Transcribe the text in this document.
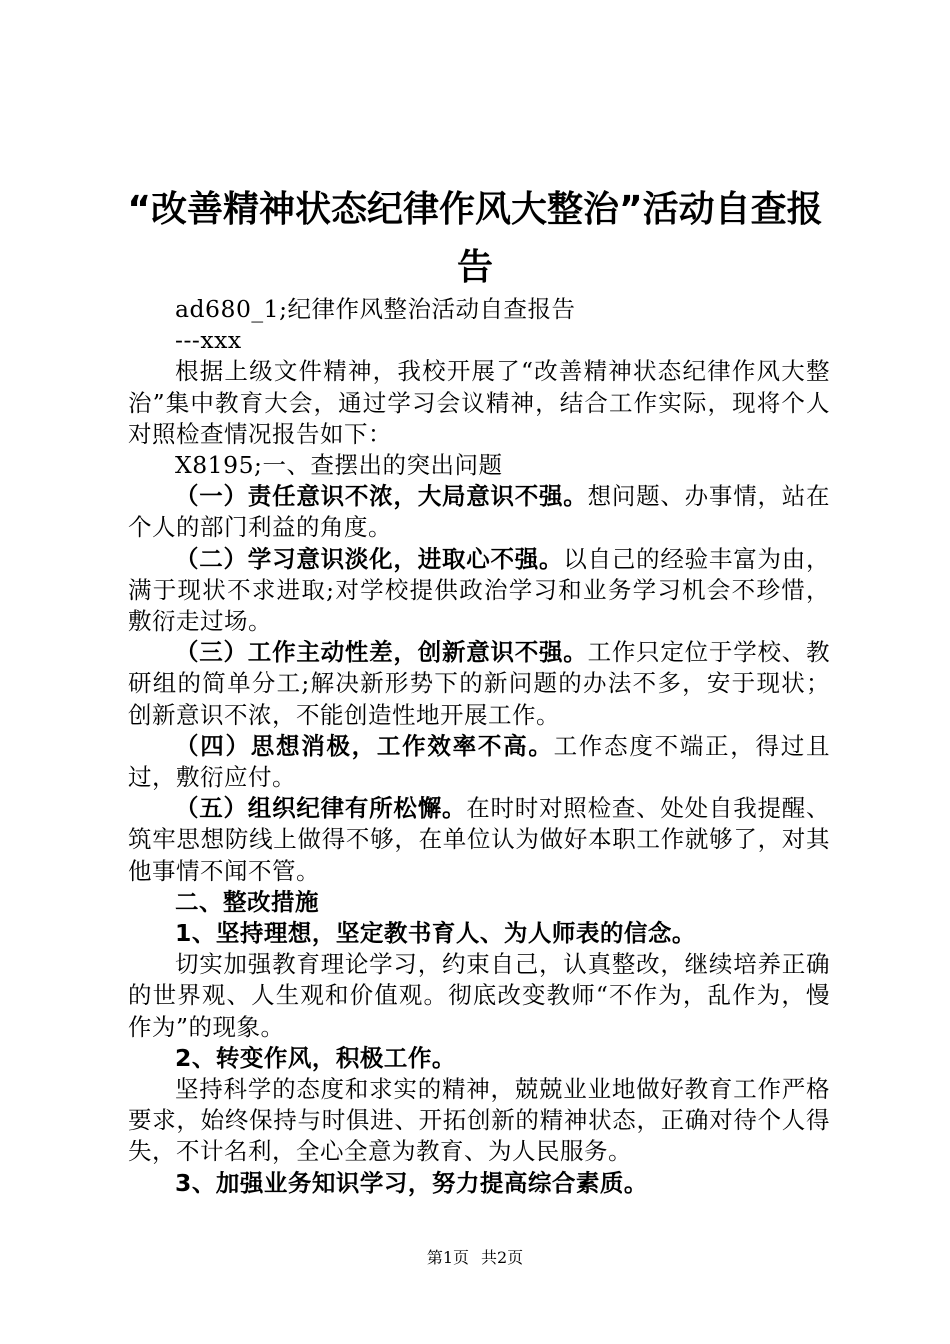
“改善精神状态纪律作风大整治”活动自查报
告

ad680_1;纪律作风整治活动自查报告

---xxx

根据上级文件精神，我校开展了“改善精神状态纪律作风大整治”集中教育大会，通过学习会议精神，结合工作实际，现将个人对照检查情况报告如下：

X8195;一、查摆出的突出问题

（一）责任意识不浓，大局意识不强。想问题、办事情，站在个人的部门利益的角度。

（二）学习意识淡化，进取心不强。以自己的经验丰富为由，满于现状不求进取;对学校提供政治学习和业务学习机会不珍惜，敷衍走过场。

（三）工作主动性差，创新意识不强。工作只定位于学校、教研组的简单分工;解决新形势下的新问题的办法不多，安于现状；创新意识不浓，不能创造性地开展工作。

（四）思想消极，工作效率不高。工作态度不端正，得过且过，敷衍应付。

（五）组织纪律有所松懈。在时时对照检查、处处自我提醒、筑牢思想防线上做得不够，在单位认为做好本职工作就够了，对其他事情不闻不管。

二、整改措施

1、坚持理想，坚定教书育人、为人师表的信念。

切实加强教育理论学习，约束自己，认真整改，继续培养正确的世界观、人生观和价值观。彻底改变教师“不作为，乱作为，慢作为”的现象。

2、转变作风，积极工作。

坚持科学的态度和求实的精神，兢兢业业地做好教育工作严格要求，始终保持与时俱进、开拓创新的精神状态，正确对待个人得失，不计名利，全心全意为教育、为人民服务。

3、加强业务知识学习，努力提高综合素质。

第1页 共2页
